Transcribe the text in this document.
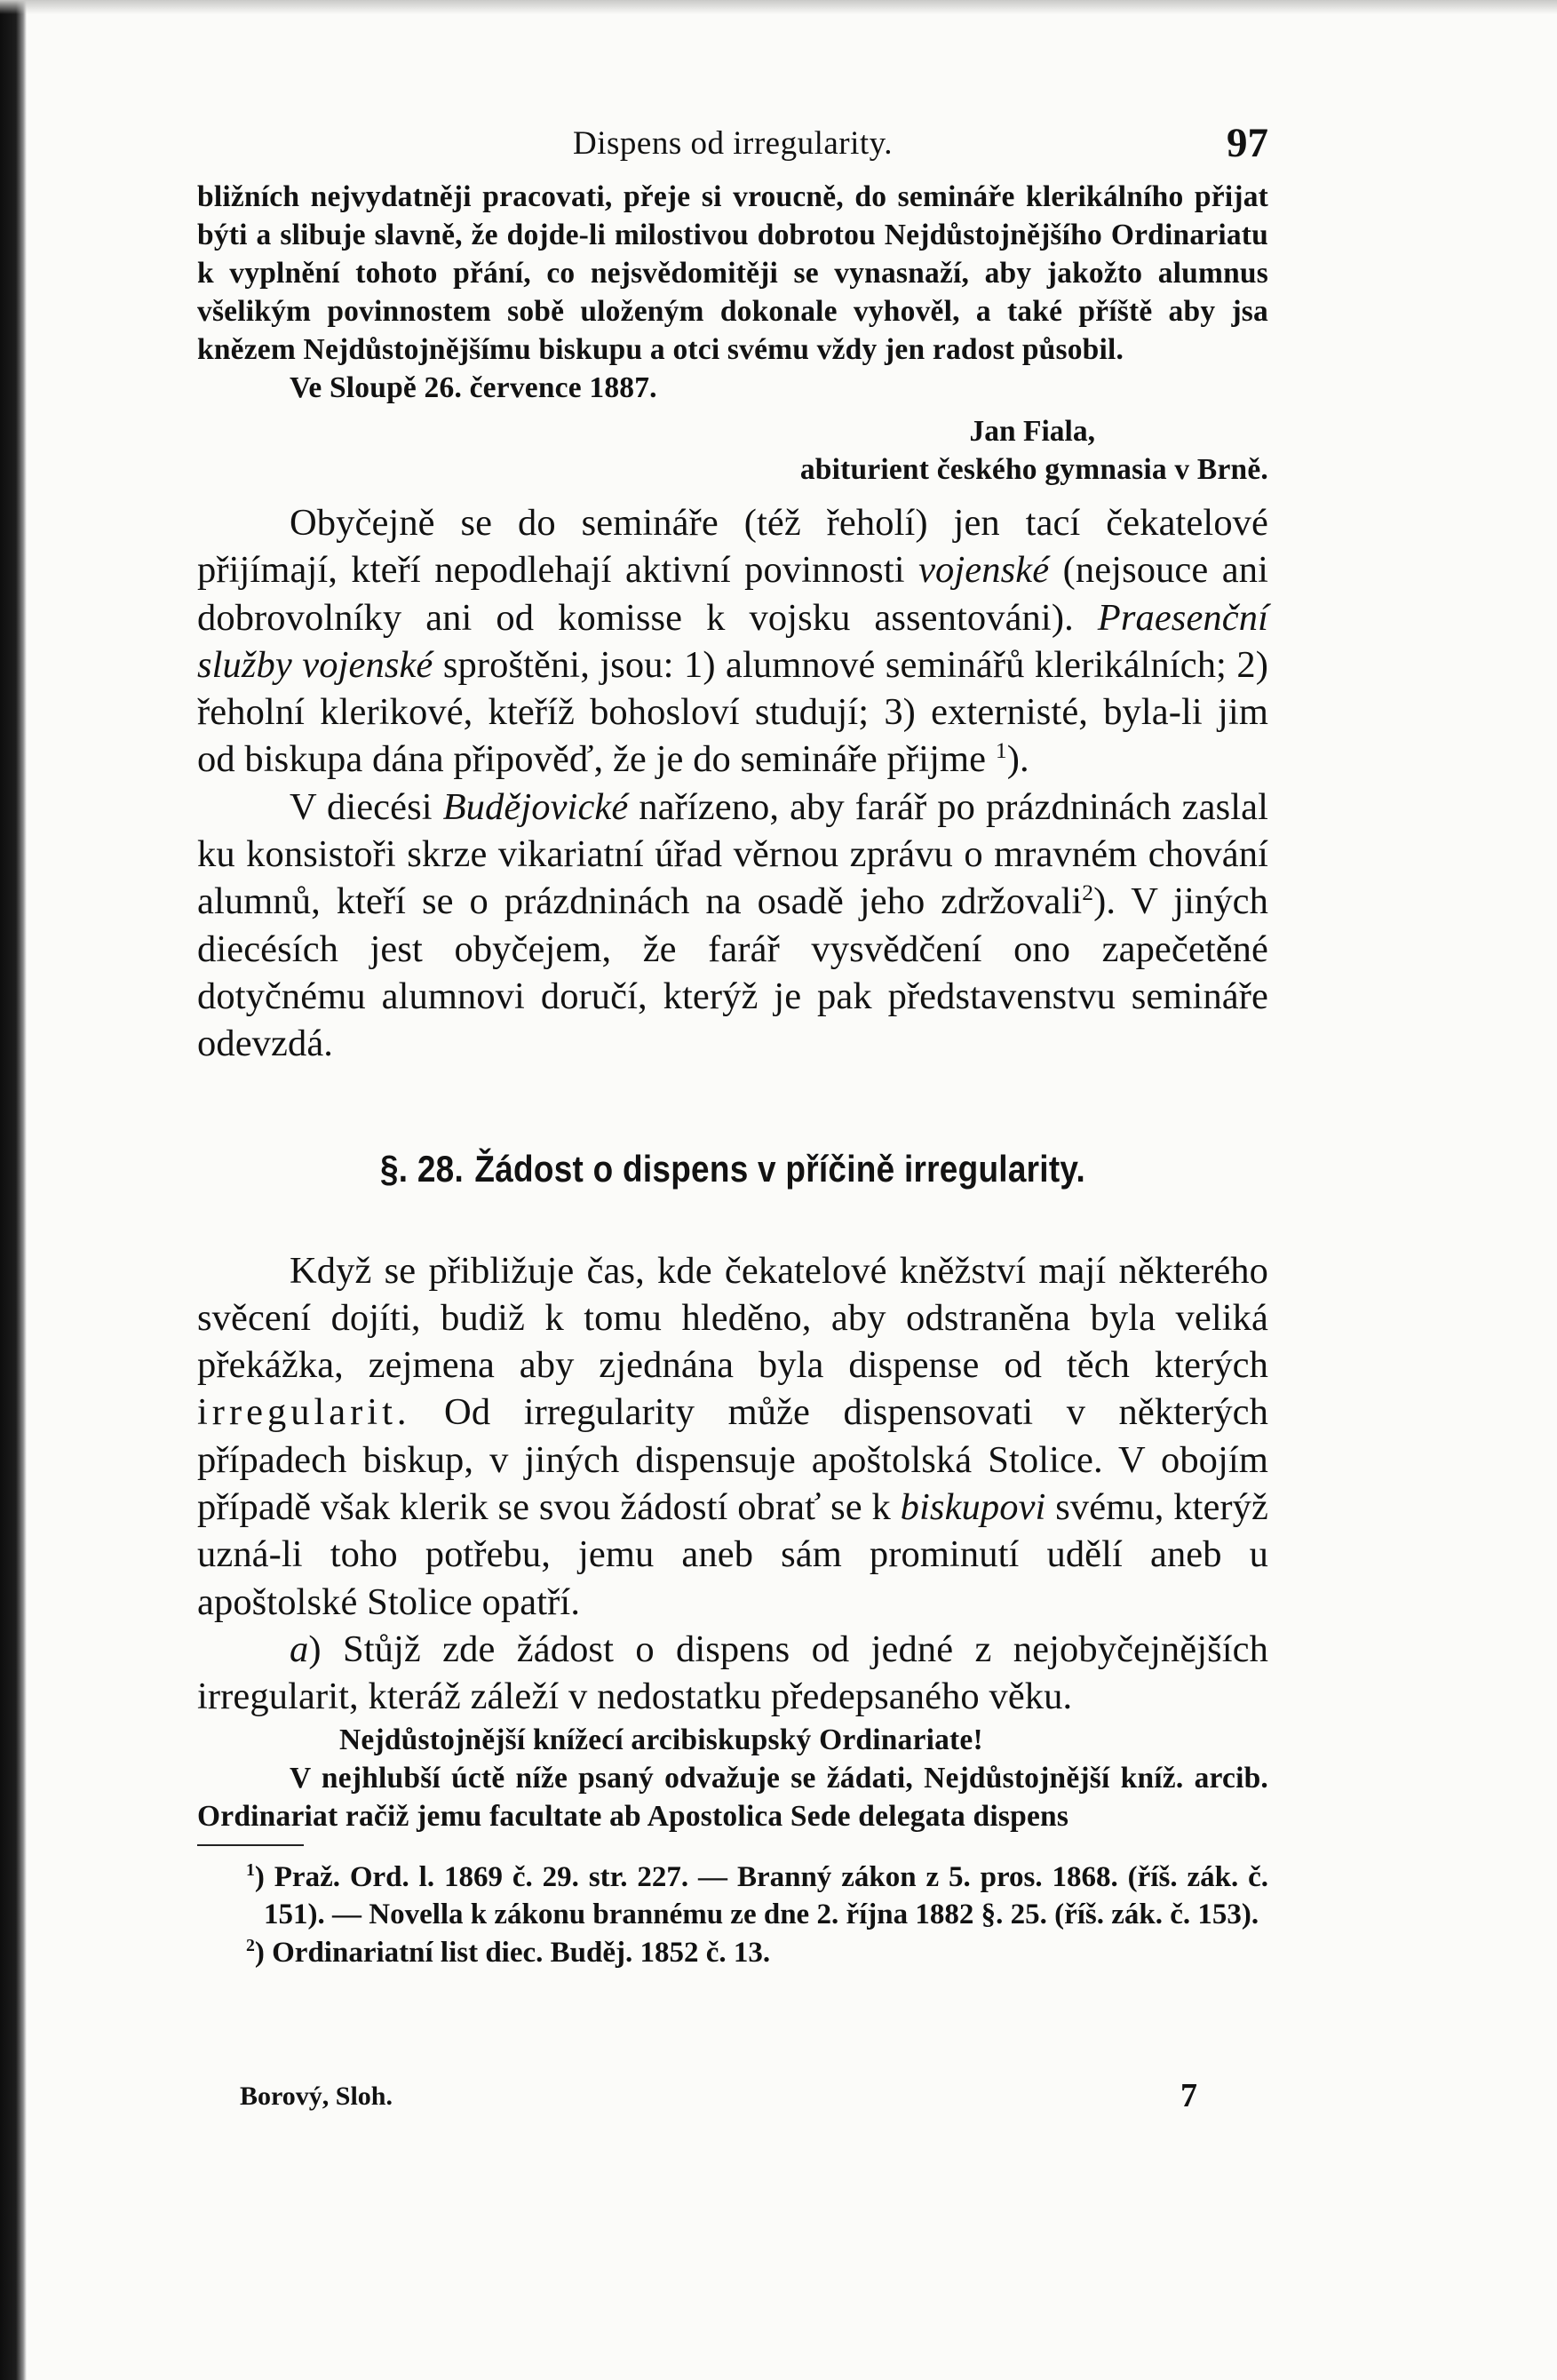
Dispens od irregularity.	97

bližních nejvydatněji pracovati, přeje si vroucně, do semináře klerikálního přijat býti a slibuje slavně, že dojde-li milostivou dobrotou Nejdůstojnějšího Ordinariatu k vyplnění tohoto přání, co nejsvědomitěji se vynasnaží, aby jakožto alumnus všelikým povinnostem sobě uloženým dokonale vyhověl, a také příště aby jsa knězem Nejdůstojnějšímu biskupu a otci svému vždy jen radost působil.

Ve Sloupě 26. července 1887.

Jan Fiala,

abiturient českého gymnasia v Brně.

Obyčejně se do semináře (též řeholí) jen tací čekatelové přijímají, kteří nepodlehají aktivní povinnosti vojenské (nejsouce ani dobrovolníky ani od komisse k vojsku assentováni). Praesenční služby vojenské sproštěni, jsou: 1) alumnové seminářů klerikálních; 2) řeholní klerikové, kteříž bohosloví studují; 3) externisté, byla-li jim od biskupa dána připověď, že je do semináře přijme $^1$).

V diecési Budějovické nařízeno, aby farář po prázdninách zaslal ku konsistoři skrze vikariatní úřad věrnou zprávu o mravném chování alumnů, kteří se o prázdninách na osadě jeho zdržovali$^2$). V jiných diecésích jest obyčejem, že farář vysvědčení ono zapečetěné dotyčnému alumnovi doručí, kterýž je pak představenstvu semináře odevzdá.

§. 28. Žádost o dispens v příčině irregularity.

Když se přibližuje čas, kde čekatelové kněžství mají některého svěcení dojíti, budiž k tomu hleděno, aby odstraněna byla veliká překážka, zejmena aby zjednána byla dispense od těch kterých irregularit. Od irregularity může dispensovati v některých případech biskup, v jiných dispensuje apoštolská Stolice. V obojím případě však klerik se svou žádostí obrať se k biskupovi svému, kterýž uzná-li toho potřebu, jemu aneb sám prominutí udělí aneb u apoštolské Stolice opatří.

a) Stůjž zde žádost o dispens od jedné z nejobyčejnějších irregularit, kteráž záleží v nedostatku předepsaného věku.

Nejdůstojnější knížecí arcibiskupský Ordinariate!

V nejhlubší úctě níže psaný odvažuje se žádati, Nejdůstojnější kníž. arcib. Ordinariat račiž jemu facultate ab Apostolica Sede delegata dispens

$^1$) Praž. Ord. l. 1869 č. 29. str. 227. — Branný zákon z 5. pros. 1868. (říš. zák. č. 151). — Novella k zákonu brannému ze dne 2. října 1882 §. 25. (říš. zák. č. 153).

$^2$) Ordinariatní list diec. Buděj. 1852 č. 13.

Borový, Sloh.	7
